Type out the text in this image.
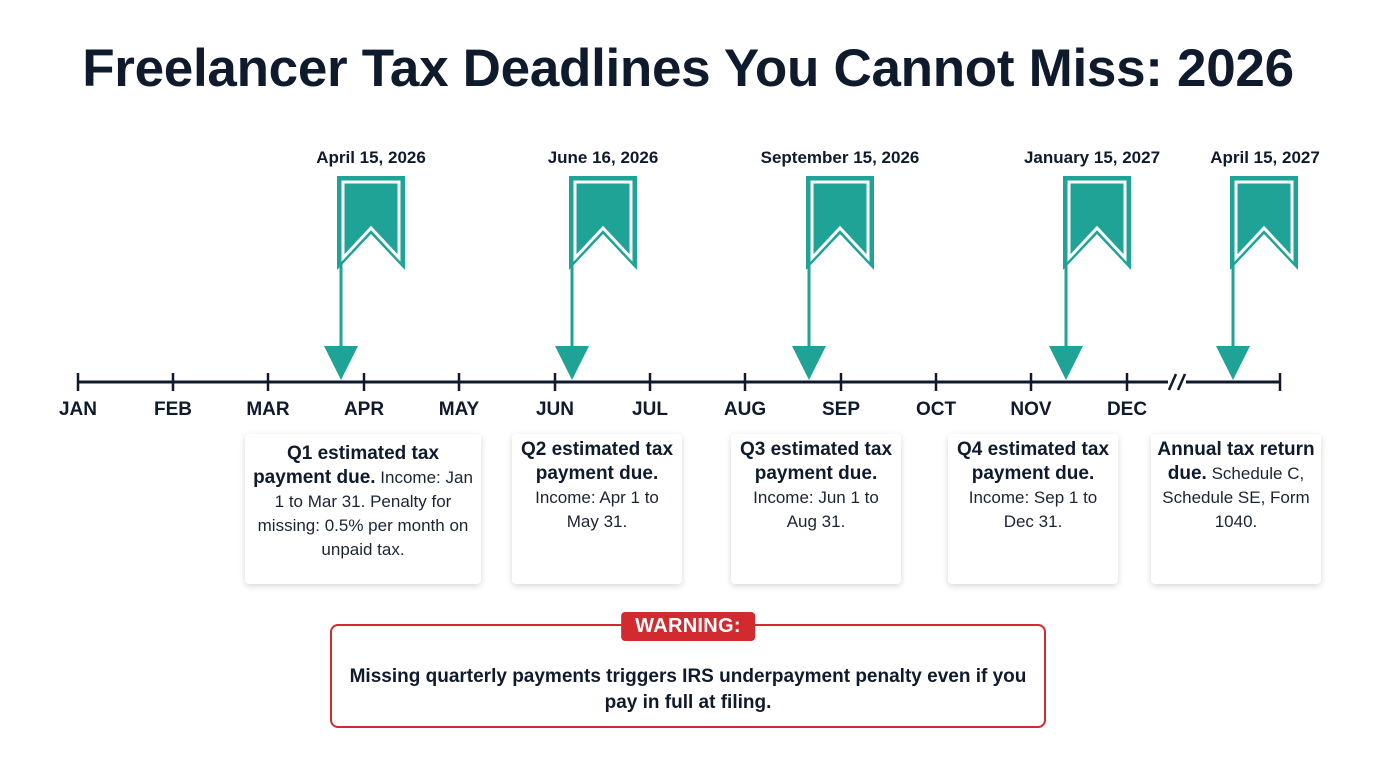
Freelancer Tax Deadlines You Cannot Miss: 2026
April 15, 2026	June 16, 2026	September 15, 2026	January 15, 2027	April 15, 2027
JAN	FEB	MAR	APR	MAY	JUN	JUL	AUG	SEP	OCT	NOV	DEC
Q1 estimated tax payment due. Income: Jan 1 to Mar 31. Penalty for missing: 0.5% per month on unpaid tax.
Q2 estimated tax payment due. Income: Apr 1 to May 31.
Q3 estimated tax payment due. Income: Jun 1 to Aug 31.
Q4 estimated tax payment due. Income: Sep 1 to Dec 31.
Annual tax return due. Schedule C, Schedule SE, Form 1040.
WARNING:
Missing quarterly payments triggers IRS underpayment penalty even if you pay in full at filing.
